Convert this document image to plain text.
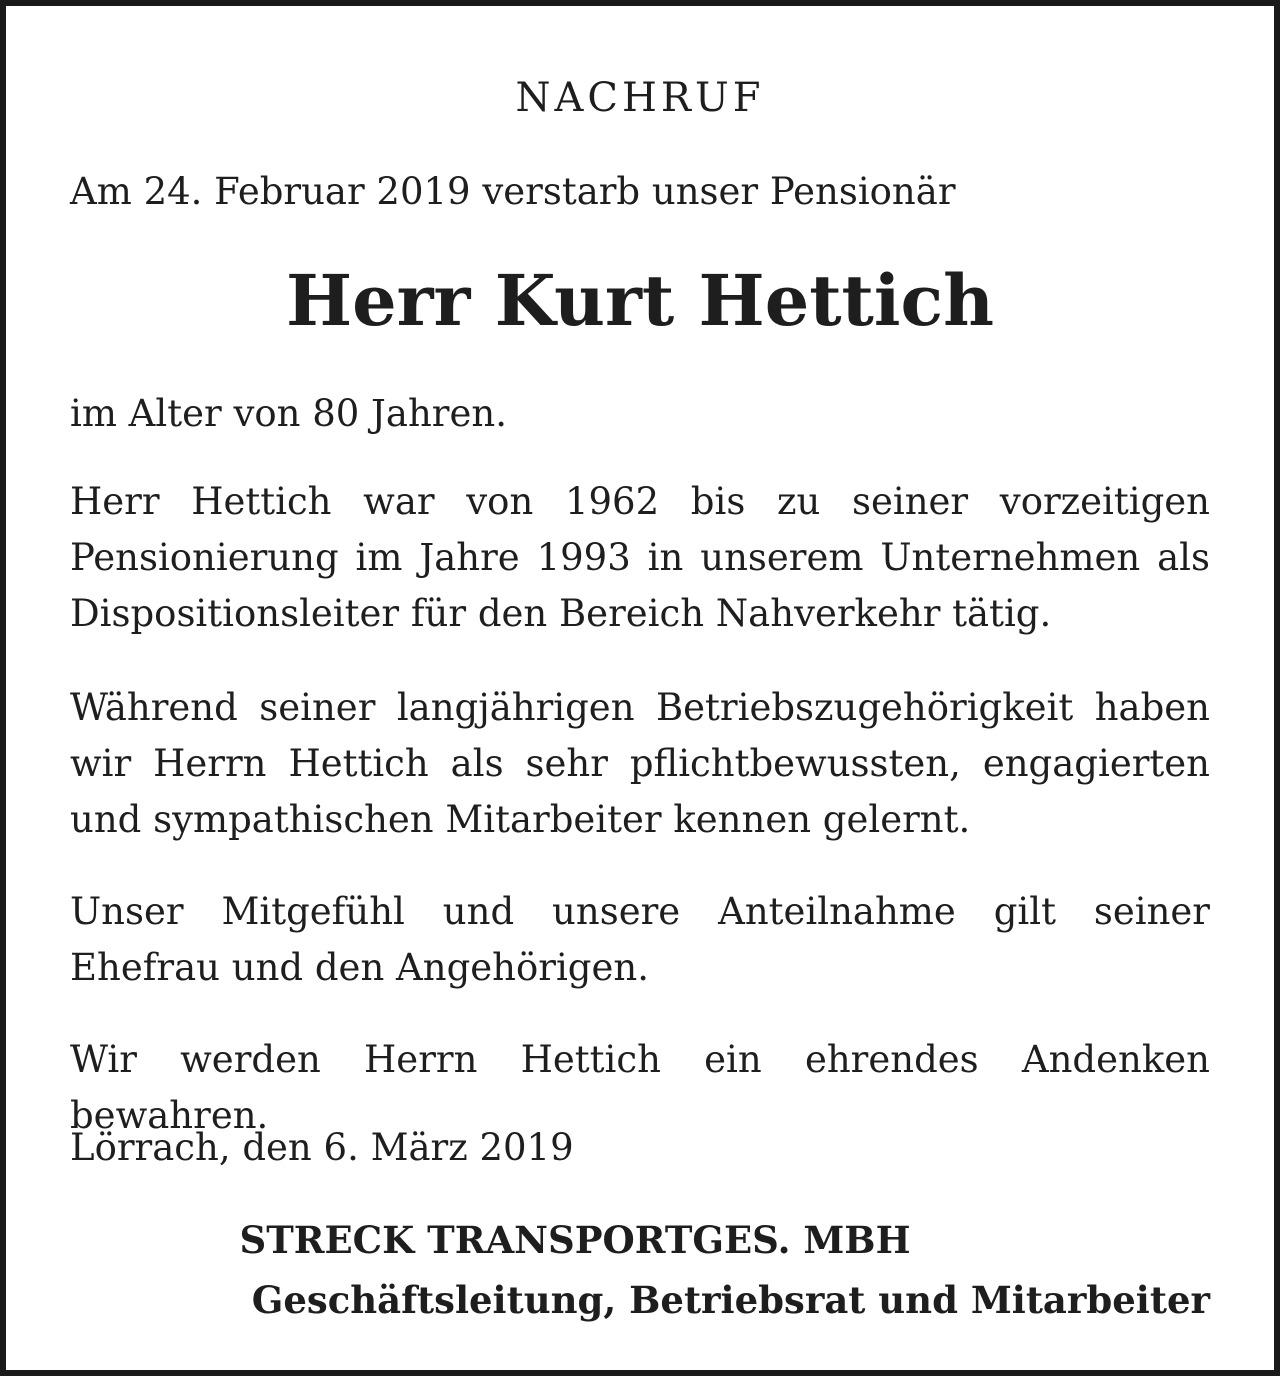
NACHRUF

Am 24. Februar 2019 verstarb unser Pensionär

Herr Kurt Hettich

im Alter von 80 Jahren.

Herr Hettich war von 1962 bis zu seiner vorzeitigen Pensionierung im Jahre 1993 in unserem Unternehmen als Dispositionsleiter für den Bereich Nahverkehr tätig.

Während seiner langjährigen Betriebszugehörigkeit haben wir Herrn Hettich als sehr pflichtbewussten, engagierten und sympathischen Mitarbeiter kennen gelernt.

Unser Mitgefühl und unsere Anteilnahme gilt seiner Ehefrau und den Angehörigen.

Wir werden Herrn Hettich ein ehrendes Andenken bewahren.

Lörrach, den 6. März 2019

STRECK TRANSPORTGES. MBH
Geschäftsleitung, Betriebsrat und Mitarbeiter
